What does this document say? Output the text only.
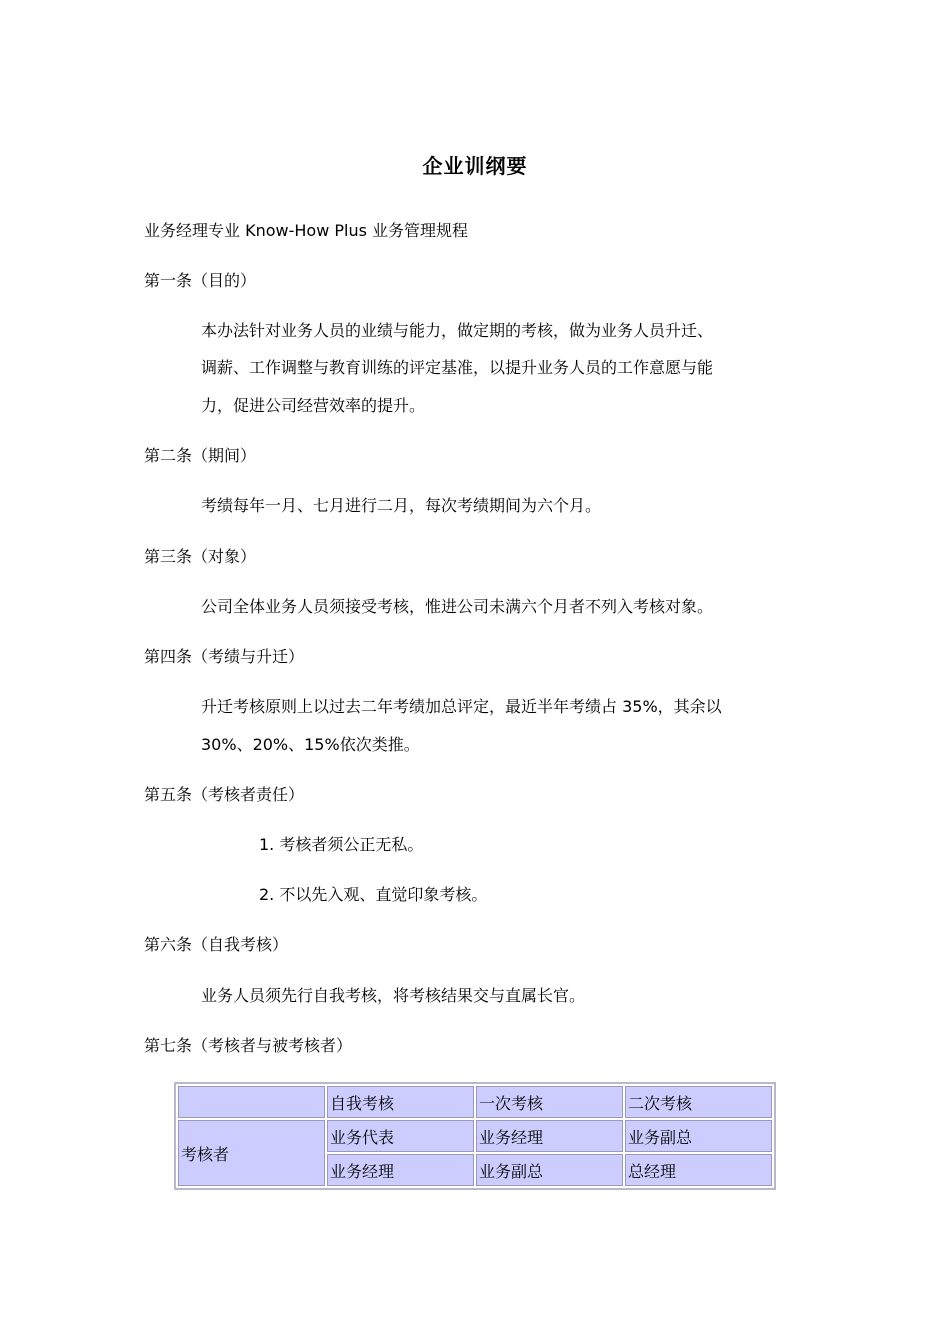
企业训纲要
业务经理专业 Know-How Plus 业务管理规程
第一条（目的）
本办法针对业务人员的业绩与能力，做定期的考核，做为业务人员升迁、
调薪、工作调整与教育训练的评定基准，以提升业务人员的工作意愿与能
力，促进公司经营效率的提升。
第二条（期间）
考绩每年一月、七月进行二月，每次考绩期间为六个月。
第三条（对象）
公司全体业务人员须接受考核，惟进公司未满六个月者不列入考核对象。
第四条（考绩与升迁）
升迁考核原则上以过去二年考绩加总评定，最近半年考绩占 35%，其余以
30%、20%、15%依次类推。
第五条（考核者责任）
1. 考核者须公正无私。
2. 不以先入观、直觉印象考核。
第六条（自我考核）
业务人员须先行自我考核，将考核结果交与直属长官。
第七条（考核者与被考核者）
	自我考核	一次考核	二次考核
考核者	业务代表	业务经理	业务副总
	业务经理	业务副总	总经理
